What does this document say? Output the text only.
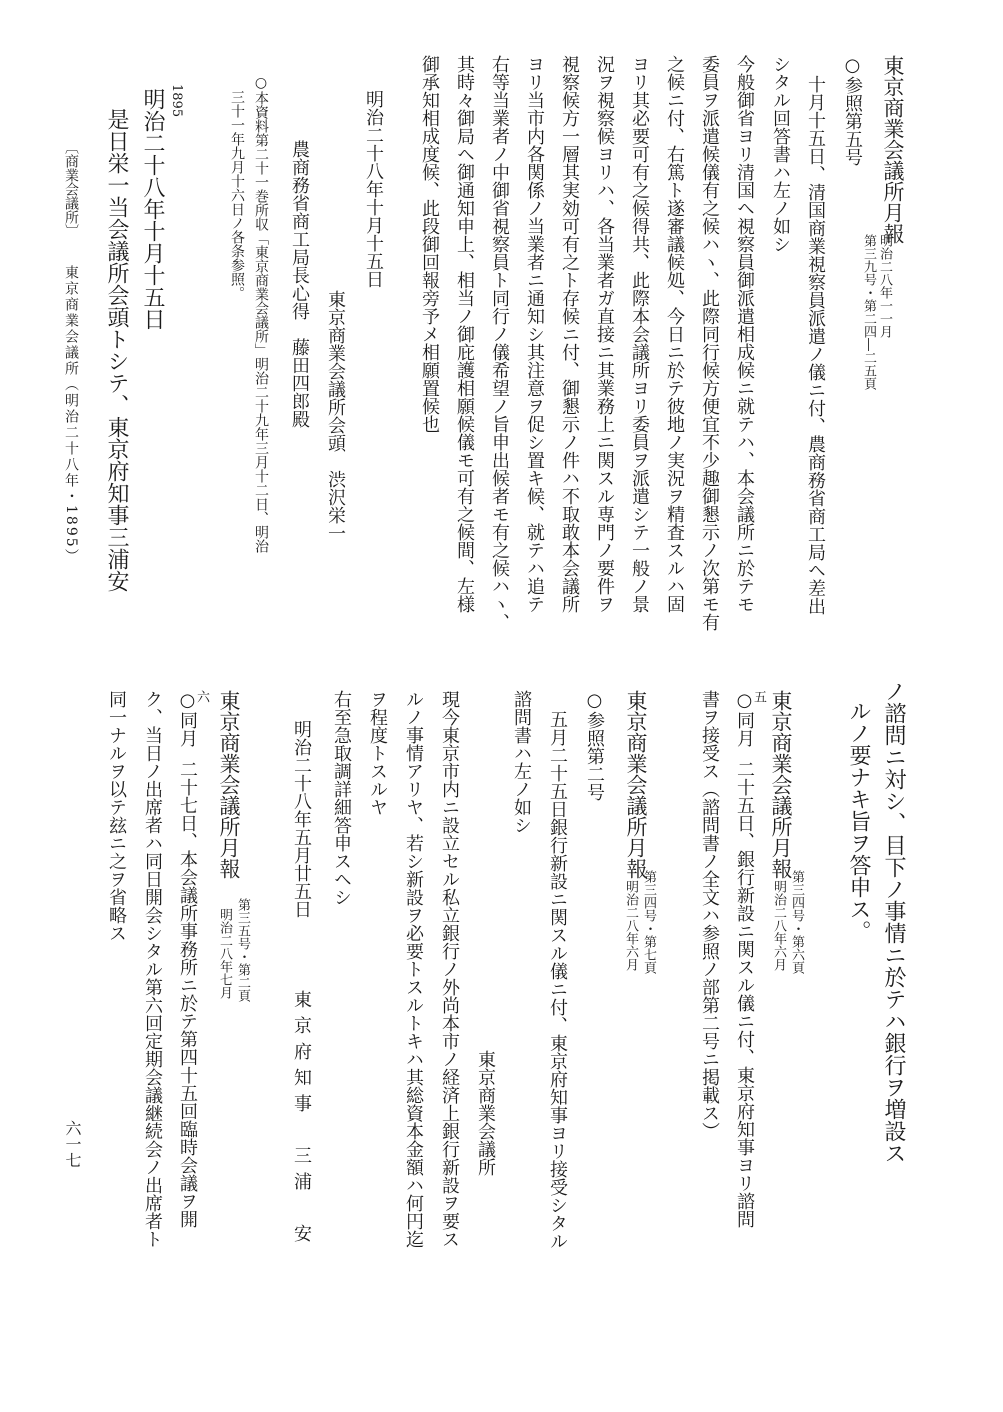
東京商業会議所月報
第三九号・第二四―二五頁 明治二八年一一月
○参照第五号
十月十五日、清国商業視察員派遣ノ儀ニ付、農商務省商工局ヘ差出
シタル回答書ハ左ノ如シ
今般御省ヨリ清国ヘ視察員御派遣相成候ニ就テハ、本会議所ニ於テモ
委員ヲ派遣候儀有之候ハヽ、此際同行候方便宜不少趣御懇示ノ次第モ有
之候ニ付、右篤ト遂審議候処、今日ニ於テ彼地ノ実況ヲ精査スルハ固
ヨリ其必要可有之候得共、此際本会議所ヨリ委員ヲ派遣シテ一般ノ景
況ヲ視察候ヨリハ、各当業者ガ直接ニ其業務上ニ関スル専門ノ要件ヲ
視察候方一層其実効可有之ト存候ニ付、御懇示ノ件ハ不取敢本会議所
ヨリ当市内各関係ノ当業者ニ通知シ其注意ヲ促シ置キ候、就テハ追テ
右等当業者ノ中御省視察員ト同行ノ儀希望ノ旨申出候者モ有之候ハヽ、
其時々御局ヘ御通知申上、相当ノ御庇護相願候儀モ可有之候間、左様
御承知相成度候、此段御回報旁予メ相願置候也
明治二十八年十月十五日
東京商業会議所会頭　渋沢栄一
農商務省商工局長心得　藤田四郎殿
○本資料第二十一巻所収「東京商業会議所」明治二十九年三月十二日、明治
三十一年九月十六日ノ各条参照。
1895
明治二十八年十月十五日
是日栄一当会議所会頭トシテ、東京府知事三浦安
〔商業会議所〕
東京商業会議所（明治二十八年・1895）
ノ諮問ニ対シ、目下ノ事情ニ於テハ銀行ヲ増設ス
ルノ要ナキ旨ヲ答申ス。
東京商業会議所月報
第三四号・第六頁
明治二八年六月
○同月
五
二十五日、銀行新設ニ関スル儀ニ付、東京府知事ヨリ諮問
書ヲ接受ス（諮問書ノ全文ハ参照ノ部第二号ニ掲載ス）
東京商業会議所月報
第三四号・第七頁
明治二八年六月
○参照第二号
五月二十五日銀行新設ニ関スル儀ニ付、東京府知事ヨリ接受シタル
諮問書ハ左ノ如シ
東京商業会議所
現今東京市内ニ設立セル私立銀行ノ外尚本市ノ経済上銀行新設ヲ要ス
ルノ事情アリヤ、若シ新設ヲ必要トスルトキハ其総資本金額ハ何円迄
ヲ程度トスルヤ
右至急取調詳細答申スヘシ
明治二十八年五月廿五日
東京府知事　三浦　安
東京商業会議所月報
第三五号・第二頁
明治二八年七月
○同月
六
二十七日、本会議所事務所ニ於テ第四十五回臨時会議ヲ開
ク、当日ノ出席者ハ同日開会シタル第六回定期会議継続会ノ出席者ト
同一ナルヲ以テ玆ニ之ヲ省略ス
六一七
